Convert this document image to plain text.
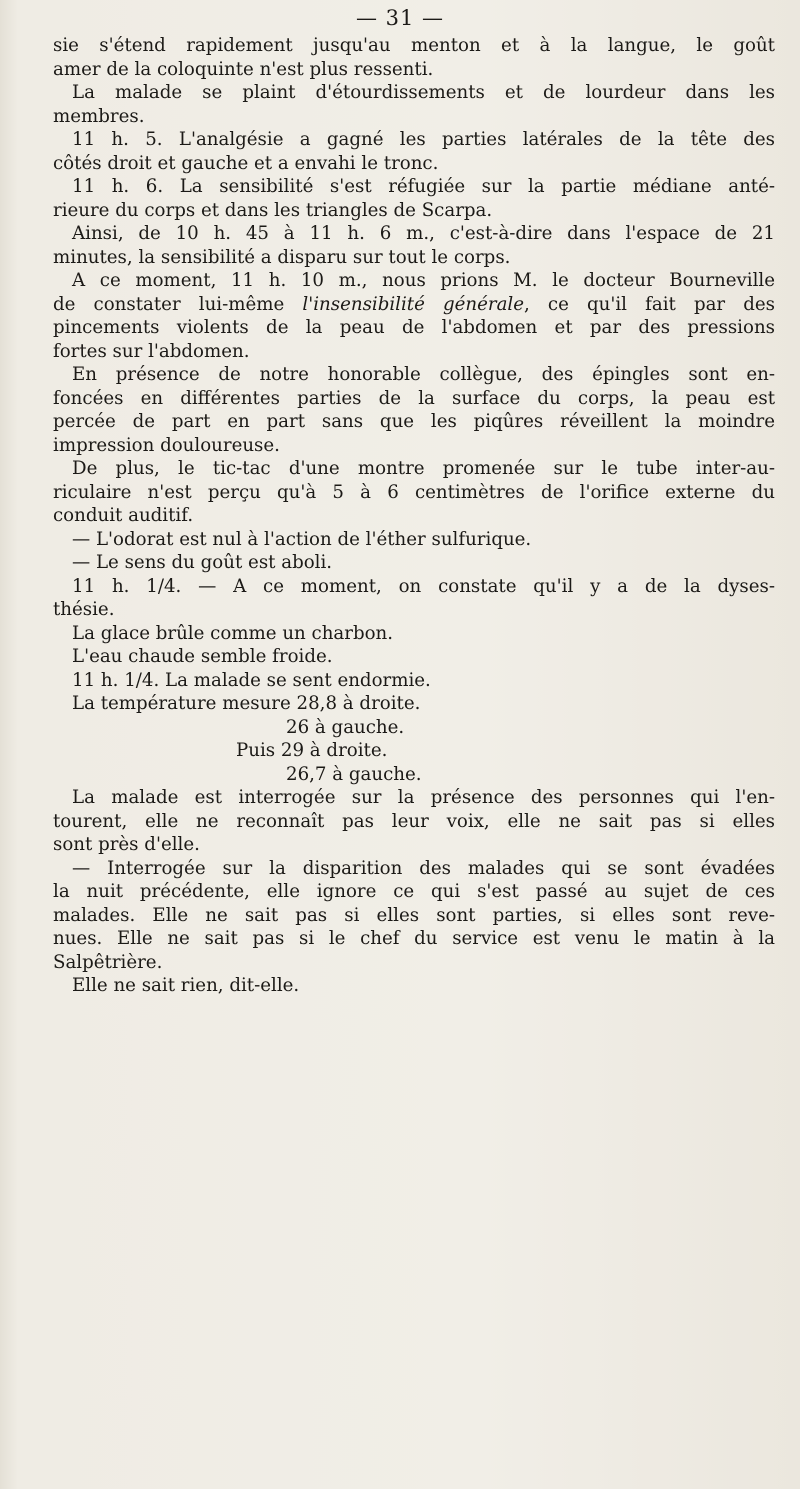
— 31 —
sie s'étend rapidement jusqu'au menton et à la langue, le goût
amer de la coloquinte n'est plus ressenti.
La malade se plaint d'étourdissements et de lourdeur dans les
membres.
11 h. 5. L'analgésie a gagné les parties latérales de la tête des
côtés droit et gauche et a envahi le tronc.
11 h. 6. La sensibilité s'est réfugiée sur la partie médiane anté-
rieure du corps et dans les triangles de Scarpa.
Ainsi, de 10 h. 45 à 11 h. 6 m., c'est-à-dire dans l'espace de 21
minutes, la sensibilité a disparu sur tout le corps.
A ce moment, 11 h. 10 m., nous prions M. le docteur Bourneville
de constater lui-même l'insensibilité générale, ce qu'il fait par des
pincements violents de la peau de l'abdomen et par des pressions
fortes sur l'abdomen.
En présence de notre honorable collègue, des épingles sont en-
foncées en différentes parties de la surface du corps, la peau est
percée de part en part sans que les piqûres réveillent la moindre
impression douloureuse.
De plus, le tic-tac d'une montre promenée sur le tube inter-au-
riculaire n'est perçu qu'à 5 à 6 centimètres de l'orifice externe du
conduit auditif.
— L'odorat est nul à l'action de l'éther sulfurique.
— Le sens du goût est aboli.
11 h. 1/4. — A ce moment, on constate qu'il y a de la dyses-
thésie.
La glace brûle comme un charbon.
L'eau chaude semble froide.
11 h. 1/4. La malade se sent endormie.
La température mesure 28,8 à droite.
26 à gauche.
Puis 29 à droite.
26,7 à gauche.
La malade est interrogée sur la présence des personnes qui l'en-
tourent, elle ne reconnaît pas leur voix, elle ne sait pas si elles
sont près d'elle.
— Interrogée sur la disparition des malades qui se sont évadées
la nuit précédente, elle ignore ce qui s'est passé au sujet de ces
malades. Elle ne sait pas si elles sont parties, si elles sont reve-
nues. Elle ne sait pas si le chef du service est venu le matin à la
Salpêtrière.
Elle ne sait rien, dit-elle.
